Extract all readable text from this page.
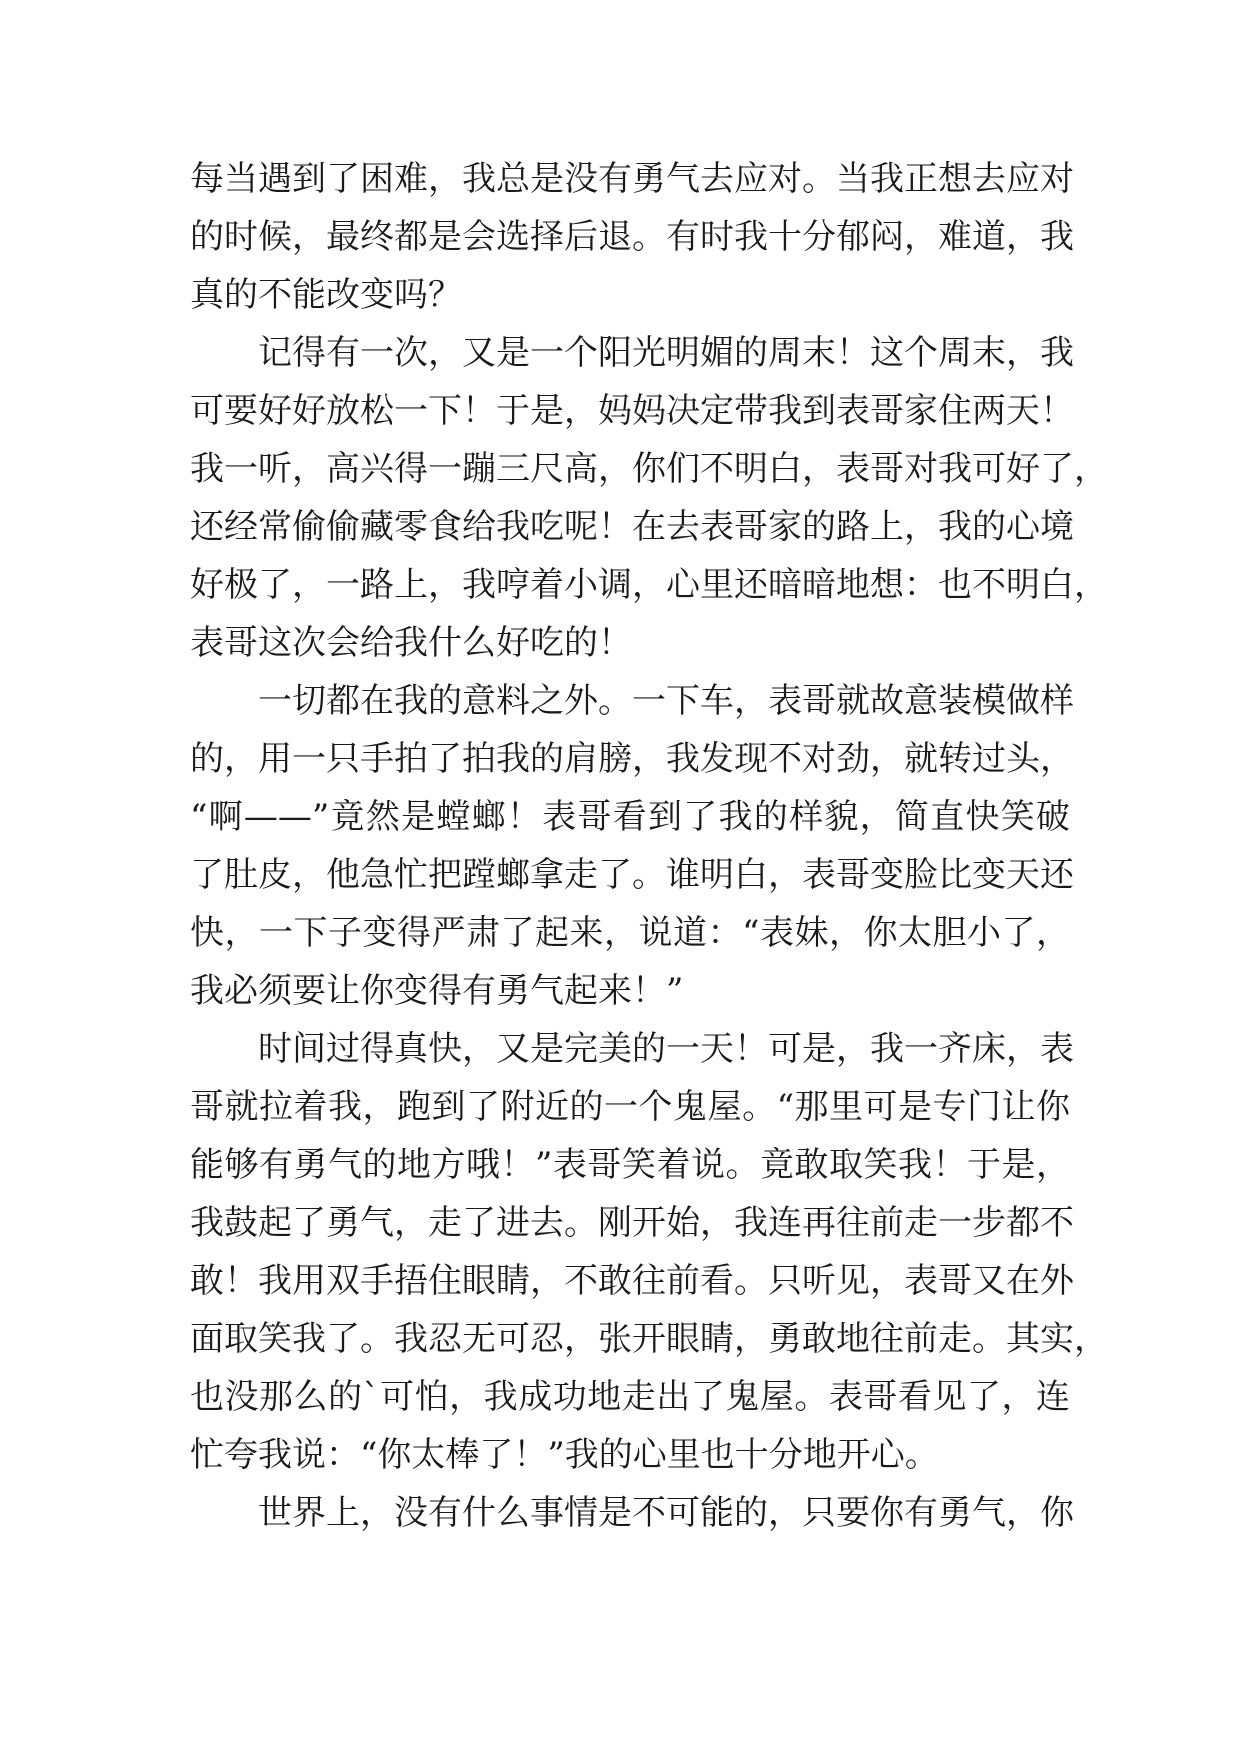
每当遇到了困难，我总是没有勇气去应对。当我正想去应对
的时候，最终都是会选择后退。有时我十分郁闷，难道，我
真的不能改变吗？
记得有一次，又是一个阳光明媚的周末！这个周末，我
可要好好放松一下！于是，妈妈决定带我到表哥家住两天！
我一听，高兴得一蹦三尺高，你们不明白，表哥对我可好了，
还经常偷偷藏零食给我吃呢！在去表哥家的路上，我的心境
好极了，一路上，我哼着小调，心里还暗暗地想：也不明白，
表哥这次会给我什么好吃的！
一切都在我的意料之外。一下车，表哥就故意装模做样
的，用一只手拍了拍我的肩膀，我发现不对劲，就转过头，
“啊——”竟然是螳螂！表哥看到了我的样貌，简直快笑破
了肚皮，他急忙把蹚螂拿走了。谁明白，表哥变脸比变天还
快，一下子变得严肃了起来，说道：“表妹，你太胆小了，
我必须要让你变得有勇气起来！”
时间过得真快，又是完美的一天！可是，我一齐床，表
哥就拉着我，跑到了附近的一个鬼屋。“那里可是专门让你
能够有勇气的地方哦！”表哥笑着说。竟敢取笑我！于是，
我鼓起了勇气，走了进去。刚开始，我连再往前走一步都不
敢！我用双手捂住眼睛，不敢往前看。只听见，表哥又在外
面取笑我了。我忍无可忍，张开眼睛，勇敢地往前走。其实，
也没那么的`可怕，我成功地走出了鬼屋。表哥看见了，连
忙夸我说：“你太棒了！”我的心里也十分地开心。
世界上，没有什么事情是不可能的，只要你有勇气，你
